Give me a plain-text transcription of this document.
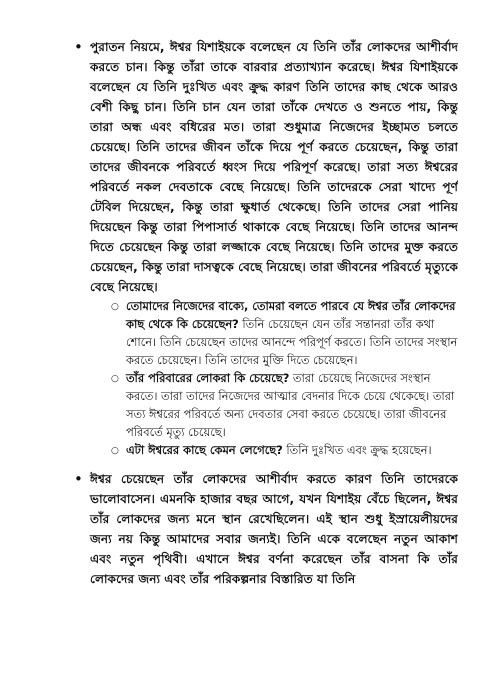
• পুরাতন নিয়মে, ঈশ্বর যিশাইয়কে বলেছেন যে তিনি তাঁর লোকদের আশীর্বাদ করতে চান। কিন্তু তাঁরা তাকে বারবার প্রত্যাখ্যান করেছে। ঈশ্বর যিশাইয়কে বলেছেন যে তিনি দুঃখিত এবং ক্রুদ্ধ কারণ তিনি তাদের কাছ থেকে আরও বেশী কিছু চান। তিনি চান যেন তারা তাঁকে দেখতে ও শুনতে পায়, কিন্তু তারা অন্ধ এবং বধিরের মত। তারা শুধুমাত্র নিজেদের ইচ্ছামত চলতে চেয়েছে। তিনি তাদের জীবন তাঁকে দিয়ে পূর্ণ করতে চেয়েছেন, কিন্তু তারা তাদের জীবনকে পরিবর্তে ধ্বংস দিয়ে পরিপূর্ণ করেছে। তারা সত্য ঈশ্বরের পরিবর্তে নকল দেবতাকে বেছে নিয়েছে। তিনি তাদেরকে সেরা খাদ্যে পূর্ণ টেবিল দিয়েছেন, কিন্তু তারা ক্ষুধার্ত থেকেছে। তিনি তাদের সেরা পানিয় দিয়েছেন কিন্তু তারা পিপাসার্ত থাকাকে বেছে নিয়েছে। তিনি তাদের আনন্দ দিতে চেয়েছেন কিন্তু তারা লজ্জাকে বেছে নিয়েছে। তিনি তাদের মুক্ত করতে চেয়েছেন, কিন্তু তারা দাসত্বকে বেছে নিয়েছে। তারা জীবনের পরিবর্তে মৃত্যুকে বেছে নিয়েছে।

○ তোমাদের নিজেদের বাক্যে, তোমরা বলতে পারবে যে ঈশ্বর তাঁর লোকদের কাছ থেকে কি চেয়েছেন? তিনি চেয়েছেন যেন তাঁর সন্তানরা তাঁর কথা শোনে। তিনি চেয়েছেন তাদের আনন্দে পরিপূর্ণ করতে। তিনি তাদের সংস্থান করতে চেয়েছেন। তিনি তাদের মুক্তি দিতে চেয়েছেন।

○ তাঁর পরিবারের লোকরা কি চেয়েছে? তারা চেয়েছে নিজেদের সংস্থান করতে। তারা তাদের নিজেদের আত্মার বেদনার দিকে চেয়ে থেকেছে। তারা সত্য ঈশ্বরের পরিবর্তে অন্য দেবতার সেবা করতে চেয়েছে। তারা জীবনের পরিবর্তে মৃত্যু চেয়েছে।

○ এটা ঈশ্বরের কাছে কেমন লেগেছে? তিনি দুঃখিত এবং ক্রুদ্ধ হয়েছেন।

• ঈশ্বর চেয়েছেন তাঁর লোকদের আশীর্বাদ করতে কারণ তিনি তাদেরকে ভালোবাসেন। এমনকি হাজার বছর আগে, যখন যিশাইয় বেঁচে ছিলেন, ঈশ্বর তাঁর লোকদের জন্য মনে স্থান রেখেছিলেন। এই স্থান শুধু ইস্রায়েলীয়দের জন্য নয় কিন্তু আমাদের সবার জন্যই। তিনি একে বলেছেন নতুন আকাশ এবং নতুন পৃথিবী। এখানে ঈশ্বর বর্ণনা করেছেন তাঁর বাসনা কি তাঁর লোকদের জন্য এবং তাঁর পরিকল্পনার বিস্তারিত যা তিনি
